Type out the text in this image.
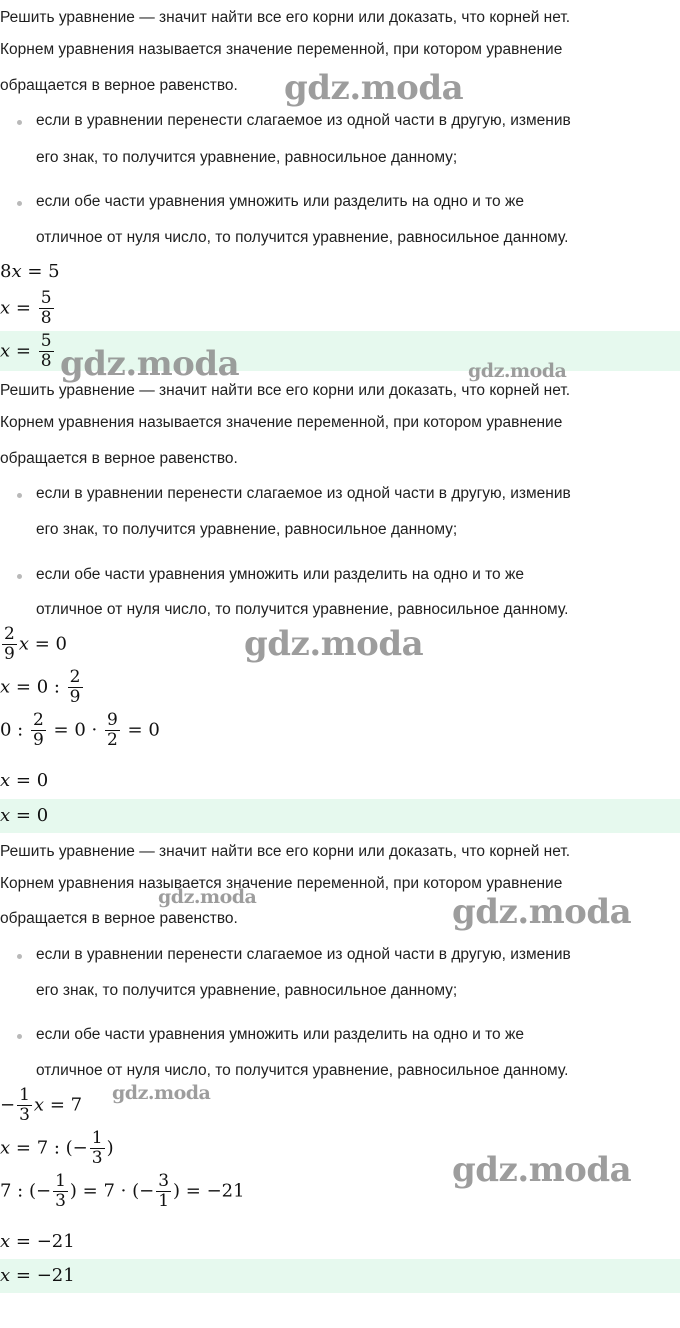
Решить уравнение — значит найти все его корни или доказать, что корней нет.
Корнем уравнения называется значение переменной, при котором уравнение
обращается в верное равенство.
если в уравнении перенести слагаемое из одной части в другую, изменив
его знак, то получится уравнение, равносильное данному;
если обе части уравнения умножить или разделить на одно и то же
отличное от нуля число, то получится уравнение, равносильное данному.
8x = 5
$x = \frac{5}{8}$
$x = \frac{5}{8}$
Решить уравнение — значит найти все его корни или доказать, что корней нет.
Корнем уравнения называется значение переменной, при котором уравнение
обращается в верное равенство.
если в уравнении перенести слагаемое из одной части в другую, изменив
его знак, то получится уравнение, равносильное данному;
если обе части уравнения умножить или разделить на одно и то же
отличное от нуля число, то получится уравнение, равносильное данному.
$\frac{2}{9}$ x = 0
x = 0 : $\frac{2}{9}$
0 : $\frac{2}{9} = 0 \cdot \frac{9}{2} = 0$
x = 0
x = 0
Решить уравнение — значит найти все его корни или доказать, что корней нет.
Корнем уравнения называется значение переменной, при котором уравнение
обращается в верное равенство.
если в уравнении перенести слагаемое из одной части в другую, изменив
его знак, то получится уравнение, равносильное данному;
если обе части уравнения умножить или разделить на одно и то же
отличное от нуля число, то получится уравнение, равносильное данному.
− $\frac{1}{3}$ x = 7
x = 7 : (− $\frac{1}{3}$ )
7 : (− $\frac{1}{3}$ ) = 7 · (− $\frac{3}{1}$ ) = −21
x = −21
x = −21
gdz.moda
gdz.moda	gdz.moda
gdz.moda
gdz.moda	gdz.moda
gdz.moda
gdz.moda
